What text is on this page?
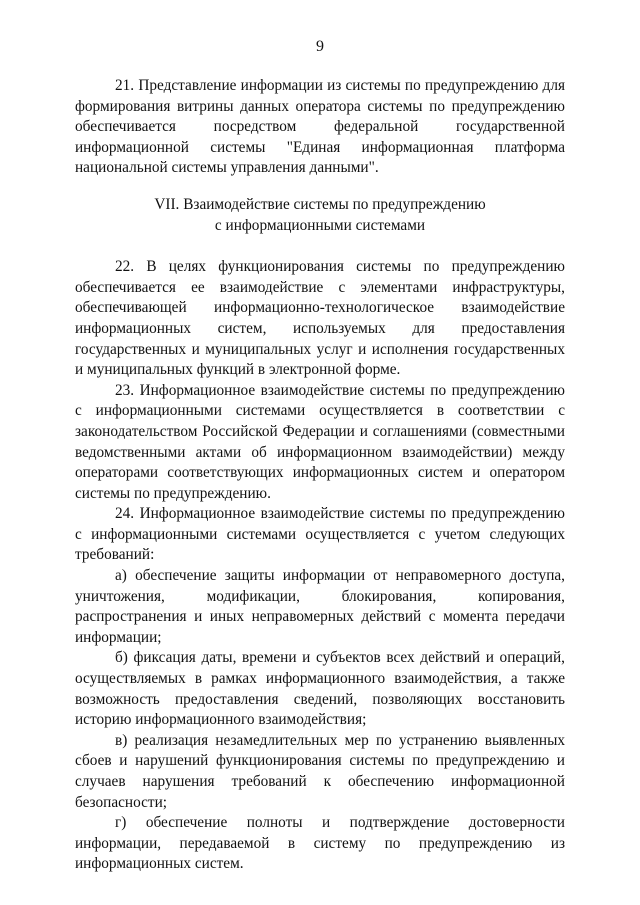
9

21. Представление информации из системы по предупреждению для формирования витрины данных оператора системы по предупреждению обеспечивается посредством федеральной государственной информационной системы "Единая информационная платформа национальной системы управления данными".

VII. Взаимодействие системы по предупреждению
с информационными системами

22. В целях функционирования системы по предупреждению обеспечивается ее взаимодействие с элементами инфраструктуры, обеспечивающей информационно-технологическое взаимодействие информационных систем, используемых для предоставления государственных и муниципальных услуг и исполнения государственных и муниципальных функций в электронной форме.

23. Информационное взаимодействие системы по предупреждению с информационными системами осуществляется в соответствии с законодательством Российской Федерации и соглашениями (совместными ведомственными актами об информационном взаимодействии) между операторами соответствующих информационных систем и оператором системы по предупреждению.

24. Информационное взаимодействие системы по предупреждению с информационными системами осуществляется с учетом следующих требований:

а) обеспечение защиты информации от неправомерного доступа, уничтожения, модификации, блокирования, копирования, распространения и иных неправомерных действий с момента передачи информации;

б) фиксация даты, времени и субъектов всех действий и операций, осуществляемых в рамках информационного взаимодействия, а также возможность предоставления сведений, позволяющих восстановить историю информационного взаимодействия;

в) реализация незамедлительных мер по устранению выявленных сбоев и нарушений функционирования системы по предупреждению и случаев нарушения требований к обеспечению информационной безопасности;

г) обеспечение полноты и подтверждение достоверности информации, передаваемой в систему по предупреждению из информационных систем.
